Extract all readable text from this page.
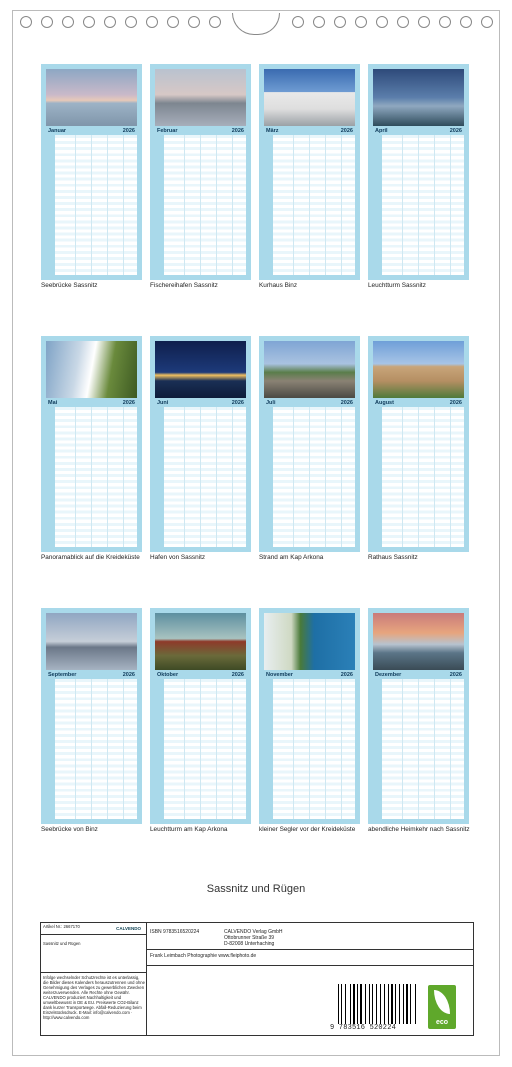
Januar	2026
Seebrücke Sassnitz
Februar	2026
Fischereihafen Sassnitz
März	2026
Kurhaus Binz
April	2026
Leuchtturm Sassnitz
Mai	2026
Panoramablick auf die Kreideküste
Juni	2026
Hafen von Sassnitz
Juli	2026
Strand am Kap Arkona
August	2026
Rathaus Sassnitz
September	2026
Seebrücke von Binz
Oktober	2026
Leuchtturm am Kap Arkona
November	2026
kleiner Segler vor der Kreideküste
Dezember	2026
abendliche Heimkehr nach Sassnitz
Sassnitz und Rügen
Artikel Nr.: 2667170	CALVENDO
Sassnitz und Rügen
Infolge wechselnder Schutzrechte ist es unterlassig, die Bilder dieses Kalenders herauszutrennen und ohne Genehmigung des Verlages zu gewerblichen Zwecken weiterzuverwenden. Alle Rechte ohne Gewähr. CALVENDO produziert Nachhaltigkeit und umweltbewusst in DE & EU. Preiswerte CO2-Bilanz dank kurzer Transportwege. Abfall-Reduzierung beim Einzelstücksdruck. E-Mail: info@calvendo.com · http://www.calvendo.com
ISBN 9783516520224	CALVENDO Verlag GmbH
Ottobrunner Straße 39
D-82008 Unterhaching
Frank Leimbach Photographie www.fleiphoto.de
9 783516 520224
eco
